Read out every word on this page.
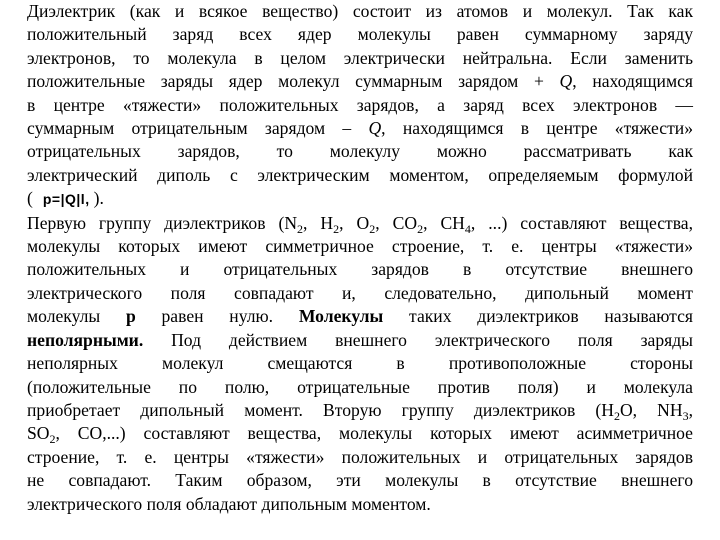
Диэлектрик (как и всякое вещество) состоит из атомов и молекул. Так как
положительный заряд всех ядер молекулы равен суммарному заряду
электронов, то молекула в целом электрически нейтральна. Если заменить
положительные заряды ядер молекул суммарным зарядом + Q, находящимся
в центре «тяжести» положительных зарядов, а заряд всех электронов —
суммарным отрицательным зарядом – Q, находящимся в центре «тяжести»
отрицательных зарядов, то молекулу можно рассматривать как
электрический диполь с электрическим моментом, определяемым формулой
( p=|Q|l, ).

Первую группу диэлектриков ($N_2$, $H_2$, $O_2$, $CO_2$, $CH_4$, ...) составляют вещества,
молекулы которых имеют симметричное строение, т. е. центры «тяжести»
положительных и отрицательных зарядов в отсутствие внешнего
электрического поля совпадают и, следовательно, дипольный момент
молекулы р равен нулю. Молекулы таких диэлектриков называются
неполярными. Под действием внешнего электрического поля заряды
неполярных молекул смещаются в противоположные стороны
(положительные по полю, отрицательные против поля) и молекула
приобретает дипольный момент. Вторую группу диэлектриков ($H_2O$, $NH_3$,
$SO_2$, CO,...) составляют вещества, молекулы которых имеют асимметричное
строение, т. е. центры «тяжести» положительных и отрицательных зарядов
не совпадают. Таким образом, эти молекулы в отсутствие внешнего
электрического поля обладают дипольным моментом.
